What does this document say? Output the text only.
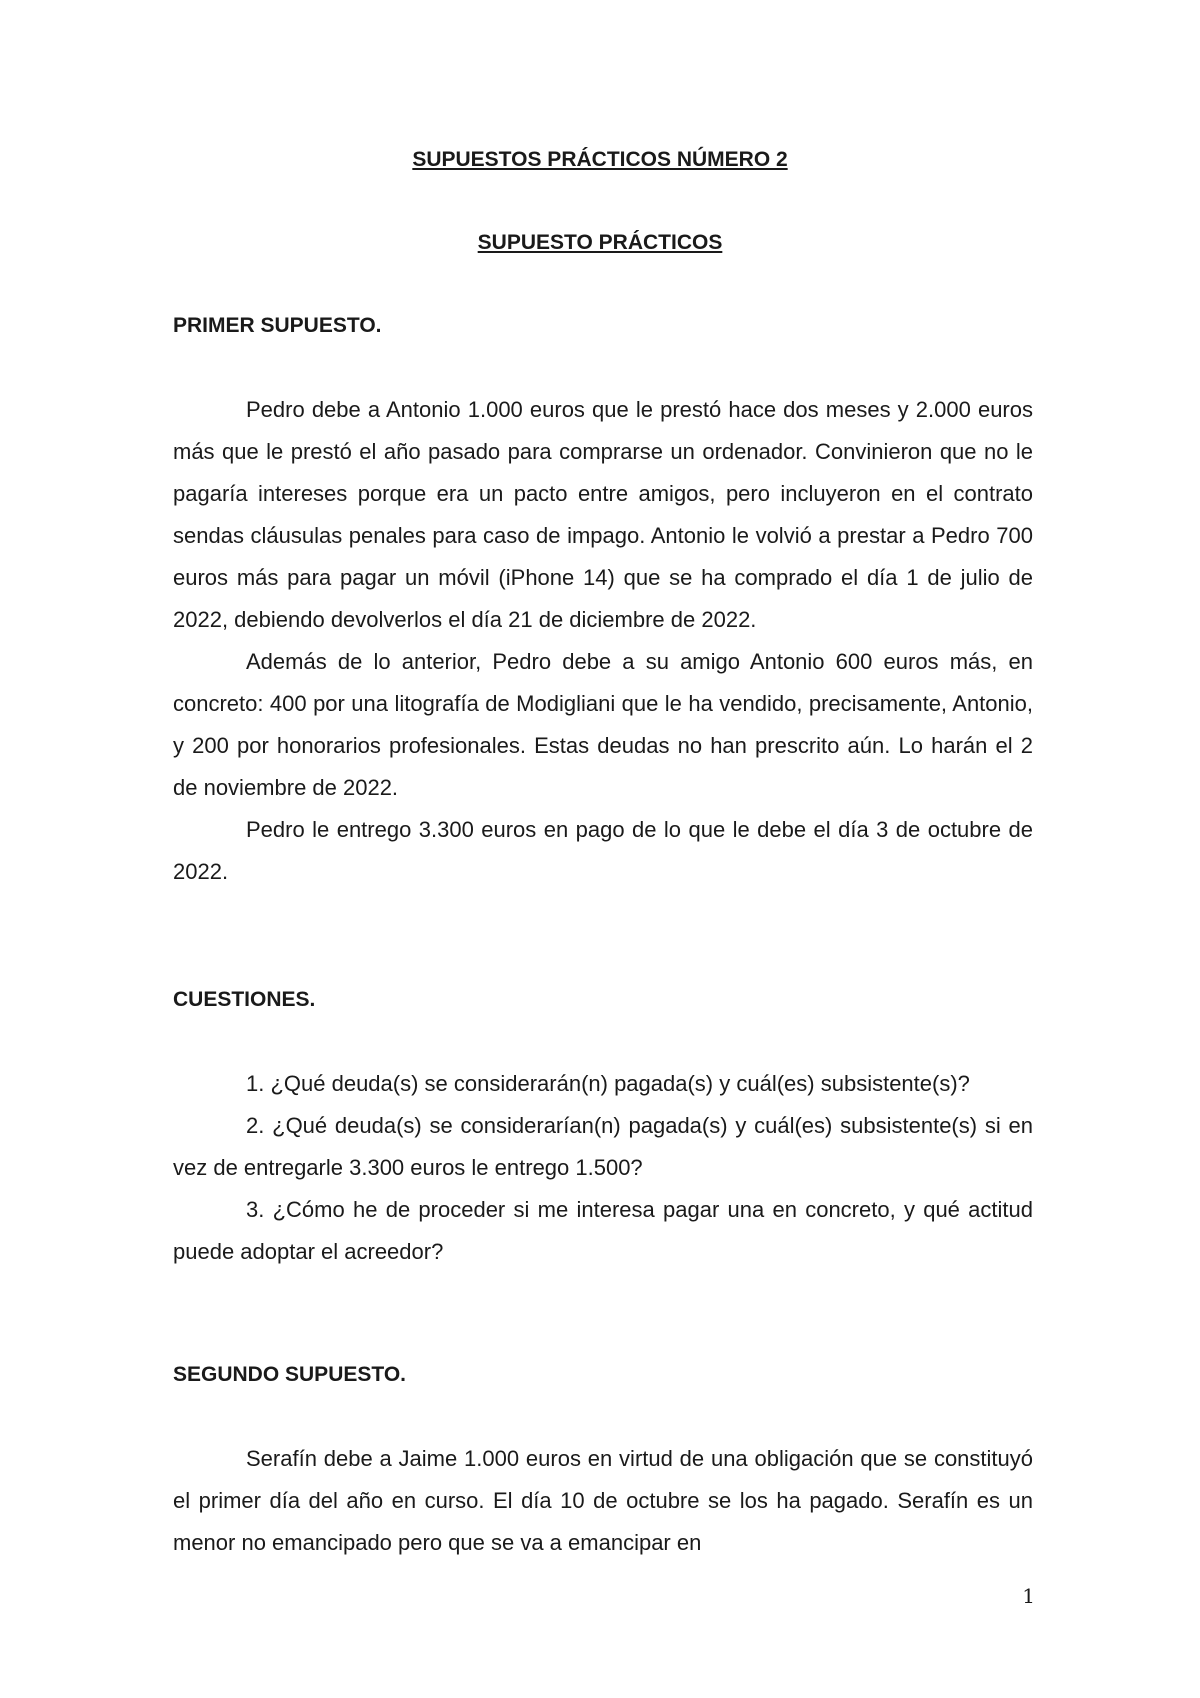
SUPUESTOS PRÁCTICOS NÚMERO 2
SUPUESTO PRÁCTICOS
PRIMER SUPUESTO.

Pedro debe a Antonio 1.000 euros que le prestó hace dos meses y 2.000 euros más que le prestó el año pasado para comprarse un ordenador. Convinieron que no le pagaría intereses porque era un pacto entre amigos, pero incluyeron en el contrato sendas cláusulas penales para caso de impago. Antonio le volvió a prestar a Pedro 700 euros más para pagar un móvil (iPhone 14) que se ha comprado el día 1 de julio de 2022, debiendo devolverlos el día 21 de diciembre de 2022.

Además de lo anterior, Pedro debe a su amigo Antonio 600 euros más, en concreto: 400 por una litografía de Modigliani que le ha vendido, precisamente, Antonio, y 200 por honorarios profesionales. Estas deudas no han prescrito aún. Lo harán el 2 de noviembre de 2022.

Pedro le entrego 3.300 euros en pago de lo que le debe el día 3 de octubre de 2022.

CUESTIONES.

1. ¿Qué deuda(s) se considerarán(n) pagada(s) y cuál(es) subsistente(s)?

2. ¿Qué deuda(s) se considerarían(n) pagada(s) y cuál(es) subsistente(s) si en vez de entregarle 3.300 euros le entrego 1.500?

3. ¿Cómo he de proceder si me interesa pagar una en concreto, y qué actitud puede adoptar el acreedor?

SEGUNDO SUPUESTO.

Serafín debe a Jaime 1.000 euros en virtud de una obligación que se constituyó el primer día del año en curso. El día 10 de octubre se los ha pagado. Serafín es un menor no emancipado pero que se va a emancipar en

1
